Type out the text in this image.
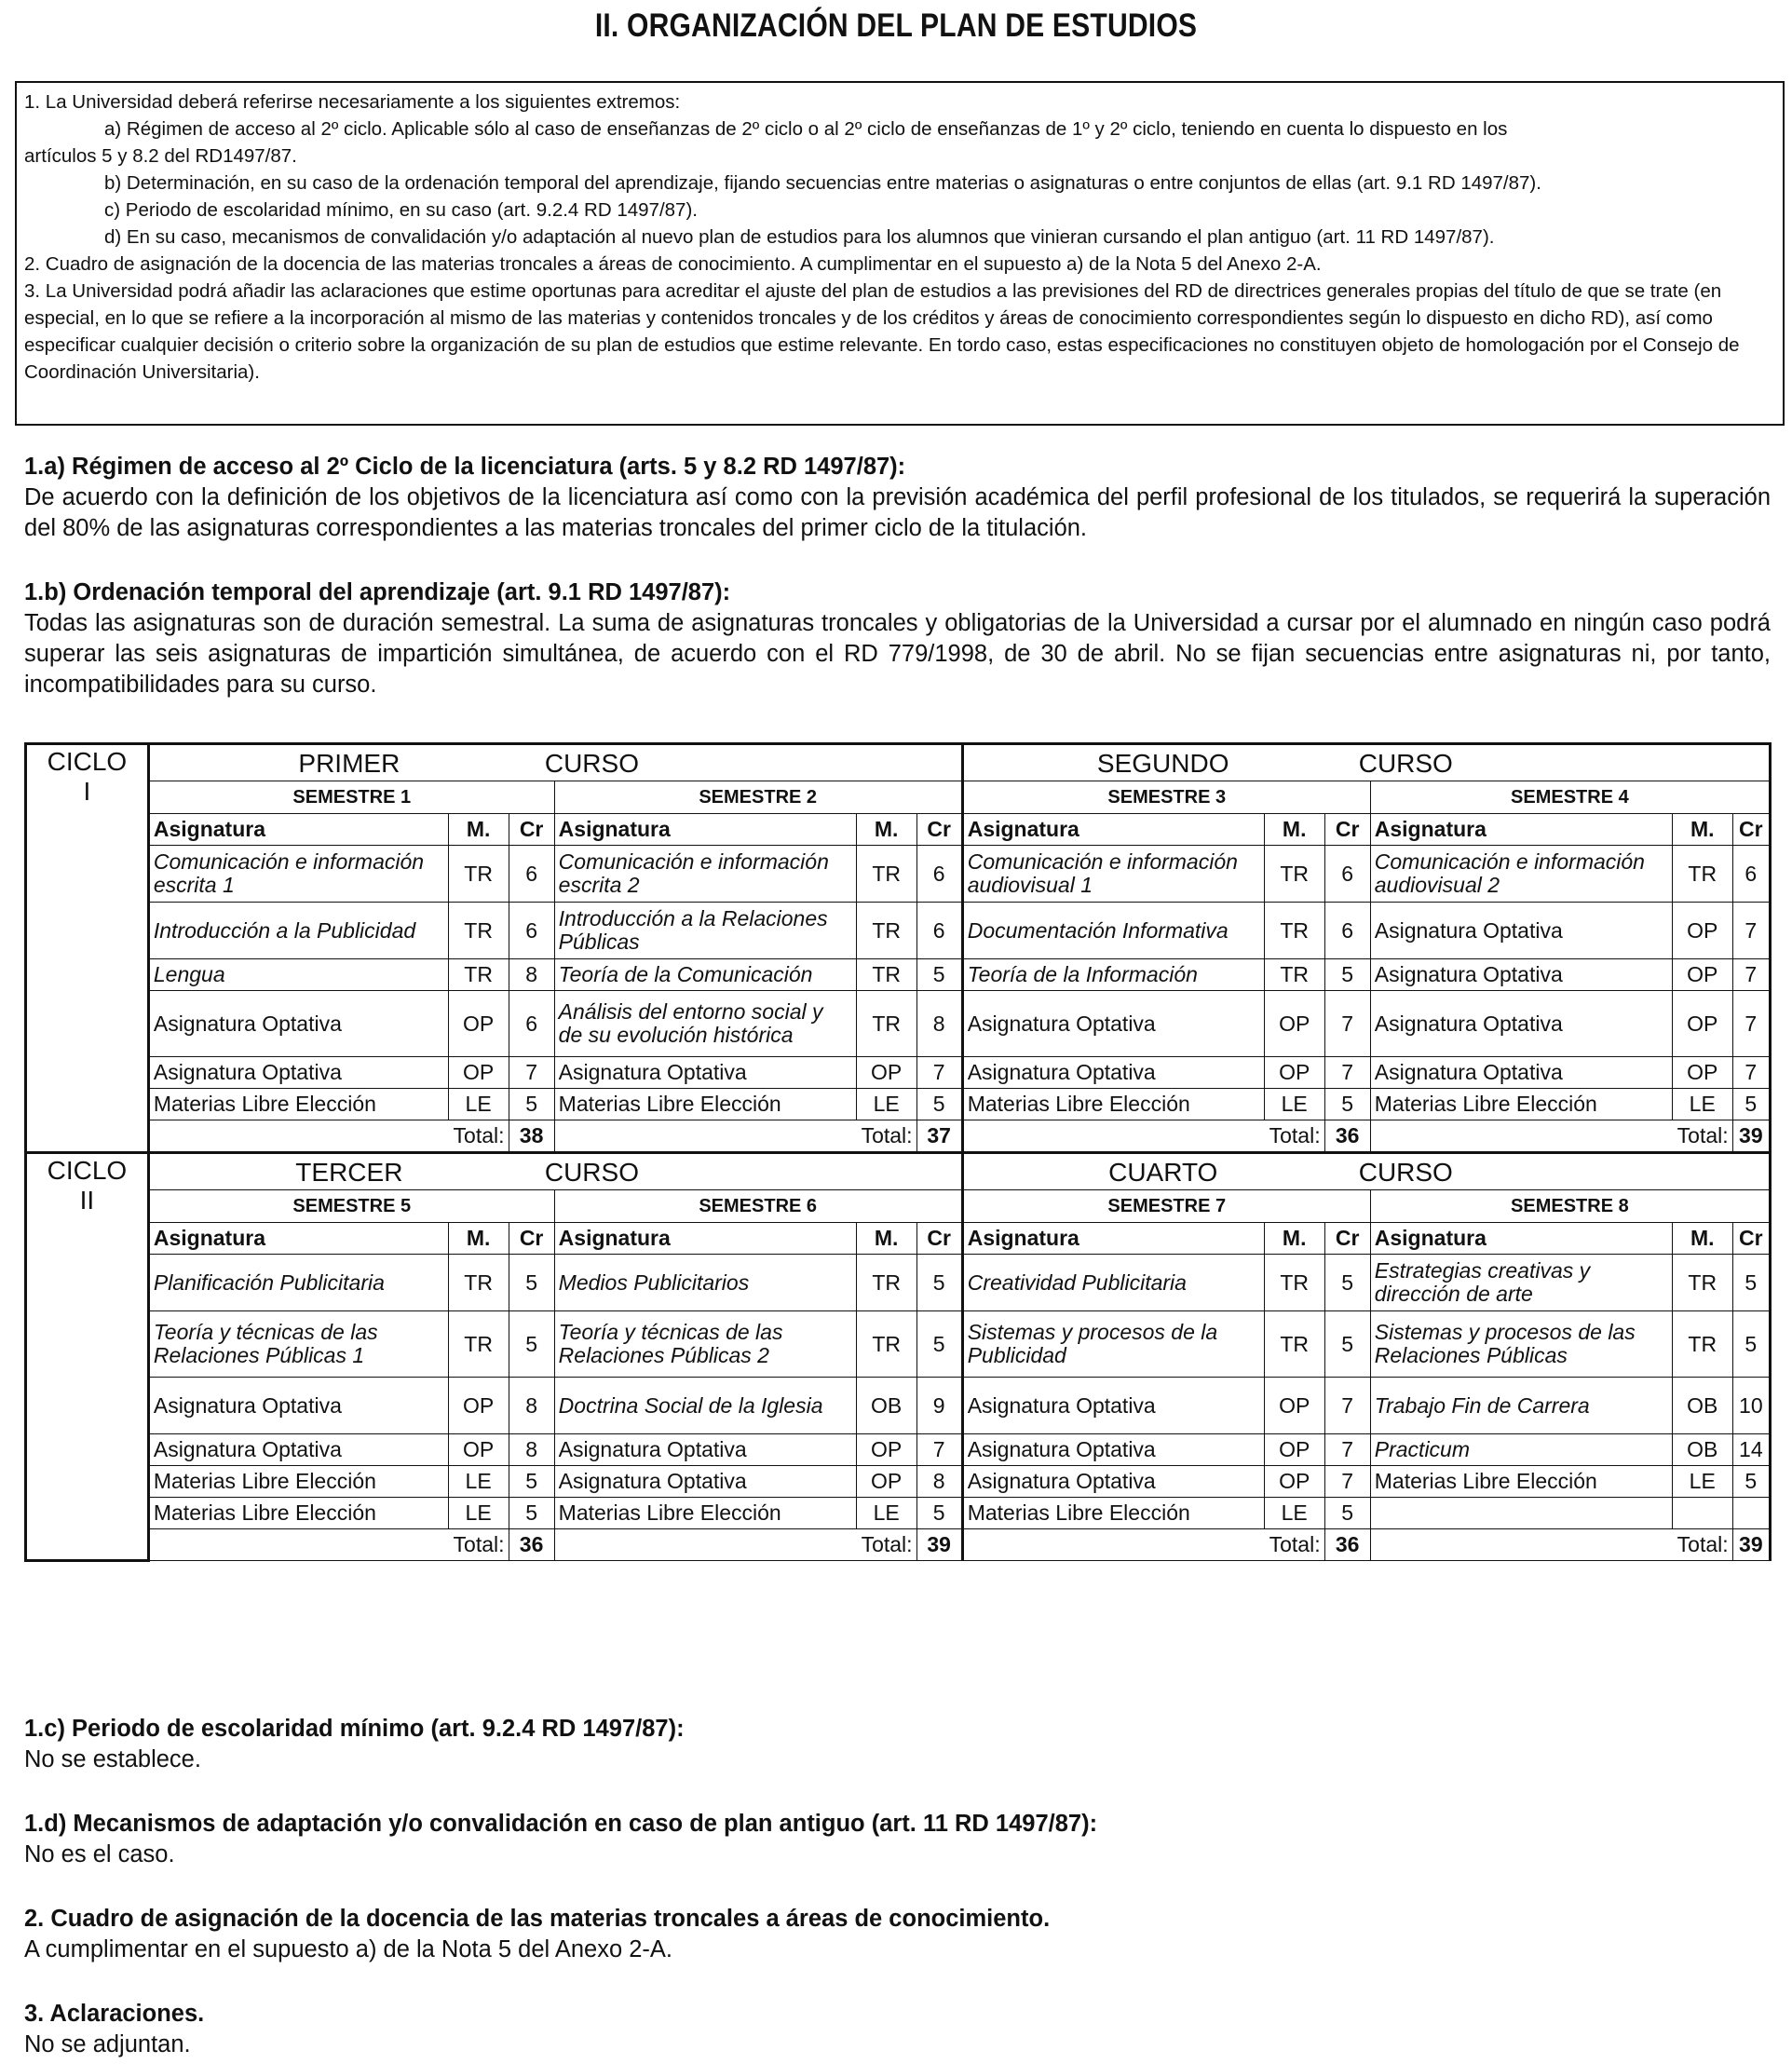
II. ORGANIZACIÓN DEL PLAN DE ESTUDIOS

1. La Universidad deberá referirse necesariamente a los siguientes extremos:

a) Régimen de acceso al 2º ciclo. Aplicable sólo al caso de enseñanzas de 2º ciclo o al 2º ciclo de enseñanzas de 1º y 2º ciclo, teniendo en cuenta lo dispuesto en los

artículos 5 y 8.2 del RD1497/87.

b) Determinación, en su caso de la ordenación temporal del aprendizaje, fijando secuencias entre materias o asignaturas o entre conjuntos de ellas (art. 9.1 RD 1497/87).

c) Periodo de escolaridad mínimo, en su caso (art. 9.2.4 RD 1497/87).

d) En su caso, mecanismos de convalidación y/o adaptación al nuevo plan de estudios para los alumnos que vinieran cursando el plan antiguo (art. 11 RD 1497/87).

2. Cuadro de asignación de la docencia de las materias troncales a áreas de conocimiento. A cumplimentar en el supuesto a) de la Nota 5 del Anexo 2-A.

3. La Universidad podrá añadir las aclaraciones que estime oportunas para acreditar el ajuste del plan de estudios a las previsiones del RD de directrices generales propias del título de que se trate (en especial, en lo que se refiere a la incorporación al mismo de las materias y contenidos troncales y de los créditos y áreas de conocimiento correspondientes según lo dispuesto en dicho RD), así como especificar cualquier decisión o criterio sobre la organización de su plan de estudios que estime relevante. En tordo caso, estas especificaciones no constituyen objeto de homologación por el Consejo de Coordinación Universitaria).

1.a) Régimen de acceso al 2º Ciclo de la licenciatura (arts. 5 y 8.2 RD 1497/87):

De acuerdo con la definición de los objetivos de la licenciatura así como con la previsión académica del perfil profesional de los titulados, se requerirá la superación del 80% de las asignaturas correspondientes a las materias troncales del primer ciclo de la titulación.

1.b) Ordenación temporal del aprendizaje (art. 9.1 RD 1497/87):

Todas las asignaturas son de duración semestral. La suma de asignaturas troncales y obligatorias de la Universidad a cursar por el alumnado en ningún caso podrá superar las seis asignaturas de impartición simultánea, de acuerdo con el RD 779/1998, de 30 de abril. No se fijan secuencias entre asignaturas ni, por tanto, incompatibilidades para su curso.

CICLO
I	PRIMER CURSO						SEGUNDO CURSO					
	SEMESTRE 1			SEMESTRE 2			SEMESTRE 3			SEMESTRE 4		
	Asignatura	M.	Cr	Asignatura	M.	Cr	Asignatura	M.	Cr	Asignatura	M.	Cr
	Comunicación e información escrita 1	TR	6	Comunicación e información escrita 2	TR	6	Comunicación e información audiovisual 1	TR	6	Comunicación e información audiovisual 2	TR	6
	Introducción a la Publicidad	TR	6	Introducción a la Relaciones Públicas	TR	6	Documentación Informativa	TR	6	Asignatura Optativa	OP	7
	Lengua	TR	8	Teoría de la Comunicación	TR	5	Teoría de la Información	TR	5	Asignatura Optativa	OP	7
	Asignatura Optativa	OP	6	Análisis del entorno social y de su evolución histórica	TR	8	Asignatura Optativa	OP	7	Asignatura Optativa	OP	7
	Asignatura Optativa	OP	7	Asignatura Optativa	OP	7	Asignatura Optativa	OP	7	Asignatura Optativa	OP	7
	Materias Libre Elección	LE	5	Materias Libre Elección	LE	5	Materias Libre Elección	LE	5	Materias Libre Elección	LE	5
	Total:		38	Total:		37	Total:		36	Total:		39

CICLO
II	TERCER CURSO						CUARTO CURSO					
	SEMESTRE 5			SEMESTRE 6			SEMESTRE 7			SEMESTRE 8		
	Asignatura	M.	Cr	Asignatura	M.	Cr	Asignatura	M.	Cr	Asignatura	M.	Cr
	Planificación Publicitaria	TR	5	Medios Publicitarios	TR	5	Creatividad Publicitaria	TR	5	Estrategias creativas y dirección de arte	TR	5
	Teoría y técnicas de las Relaciones Públicas 1	TR	5	Teoría y técnicas de las Relaciones Públicas 2	TR	5	Sistemas y procesos de la Publicidad	TR	5	Sistemas y procesos de las Relaciones Públicas	TR	5
	Asignatura Optativa	OP	8	Doctrina Social de la Iglesia	OB	9	Asignatura Optativa	OP	7	Trabajo Fin de Carrera	OB	10
	Asignatura Optativa	OP	8	Asignatura Optativa	OP	7	Asignatura Optativa	OP	7	Practicum	OB	14
	Materias Libre Elección	LE	5	Asignatura Optativa	OP	8	Asignatura Optativa	OP	7	Materias Libre Elección	LE	5
	Materias Libre Elección	LE	5	Materias Libre Elección	LE	5	Materias Libre Elección	LE	5			
	Total:		36	Total:		39	Total:		36	Total:		39

1.c) Periodo de escolaridad mínimo (art. 9.2.4 RD 1497/87):

No se establece.

1.d) Mecanismos de adaptación y/o convalidación en caso de plan antiguo (art. 11 RD 1497/87):

No es el caso.

2. Cuadro de asignación de la docencia de las materias troncales a áreas de conocimiento.

A cumplimentar en el supuesto a) de la Nota 5 del Anexo 2-A.

3. Aclaraciones.

No se adjuntan.
